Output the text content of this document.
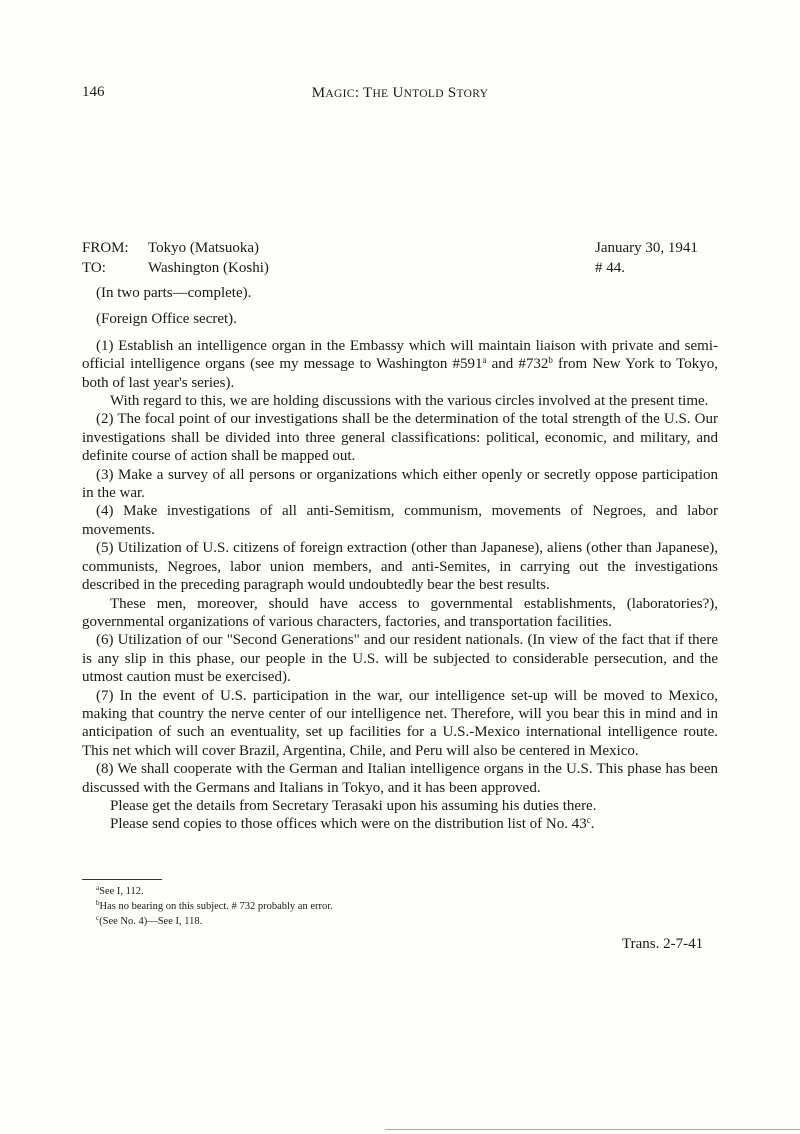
146	MAGIC: THE UNTOLD STORY
FROM: Tokyo (Matsuoka)
TO:	Washington (Koshi)
January 30, 1941
# 44.

(In two parts—complete).

(Foreign Office secret).

(1) Establish an intelligence organ in the Embassy which will maintain liaison with private and semi-official intelligence organs (see my message to Washington #591$^a$ and #732$^b$ from New York to Tokyo, both of last year's series).

With regard to this, we are holding discussions with the various circles involved at the present time.

(2) The focal point of our investigations shall be the determination of the total strength of the U.S. Our investigations shall be divided into three general classifications: political, economic, and military, and definite course of action shall be mapped out.

(3) Make a survey of all persons or organizations which either openly or secretly oppose participation in the war.

(4) Make investigations of all anti-Semitism, communism, movements of Negroes, and labor movements.

(5) Utilization of U.S. citizens of foreign extraction (other than Japanese), aliens (other than Japanese), communists, Negroes, labor union members, and anti-Semites, in carrying out the investigations described in the preceding paragraph would undoubtedly bear the best results.

These men, moreover, should have access to governmental establishments, (laboratories?), governmental organizations of various characters, factories, and transportation facilities.

(6) Utilization of our "Second Generations" and our resident nationals. (In view of the fact that if there is any slip in this phase, our people in the U.S. will be subjected to considerable persecution, and the utmost caution must be exercised).

(7) In the event of U.S. participation in the war, our intelligence set-up will be moved to Mexico, making that country the nerve center of our intelligence net. Therefore, will you bear this in mind and in anticipation of such an eventuality, set up facilities for a U.S.-Mexico international intelligence route. This net which will cover Brazil, Argentina, Chile, and Peru will also be centered in Mexico.

(8) We shall cooperate with the German and Italian intelligence organs in the U.S. This phase has been discussed with the Germans and Italians in Tokyo, and it has been approved.

Please get the details from Secretary Terasaki upon his assuming his duties there.

Please send copies to those offices which were on the distribution list of No. 43$^c$.

$^a$See I, 112.
$^b$Has no bearing on this subject. # 732 probably an error.
$^c$(See No. 4)—See I, 118.
Trans. 2-7-41
